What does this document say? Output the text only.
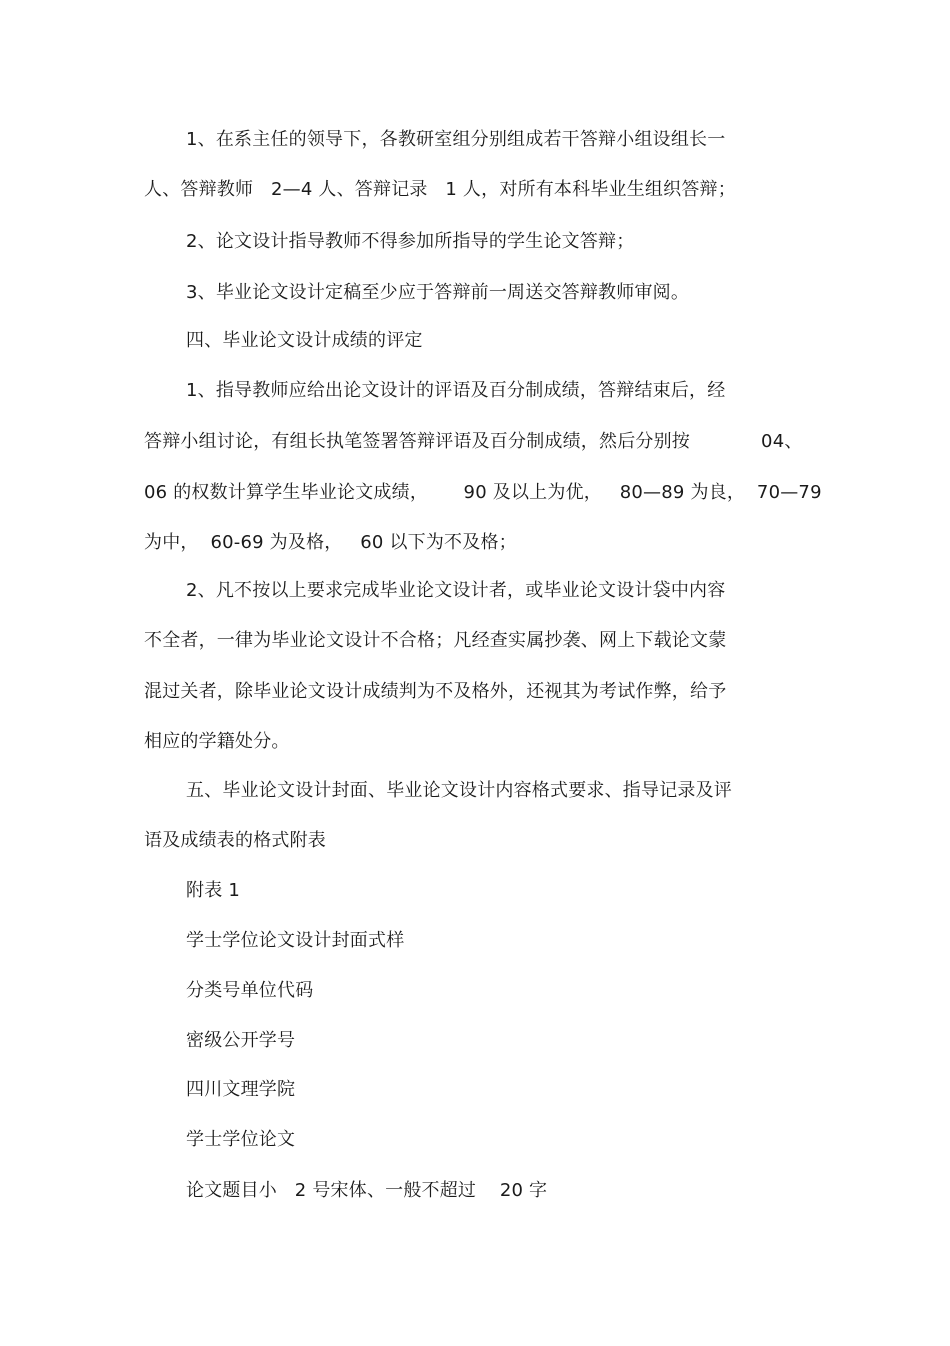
1、在系主任的领导下，各教研室组分别组成若干答辩小组设组长一
人、答辩教师   2—4 人、答辩记录   1 人，对所有本科毕业生组织答辩；
2、论文设计指导教师不得参加所指导的学生论文答辩；
3、毕业论文设计定稿至少应于答辩前一周送交答辩教师审阅。
四、毕业论文设计成绩的评定
1、指导教师应给出论文设计的评语及百分制成绩，答辩结束后，经
答辩小组讨论，有组长执笔签署答辩评语及百分制成绩，然后分别按            04、
06 的权数计算学生毕业论文成绩，      90 及以上为优，   80—89 为良，  70—79
为中，  60-69 为及格，   60 以下为不及格；
2、凡不按以上要求完成毕业论文设计者，或毕业论文设计袋中内容
不全者，一律为毕业论文设计不合格；凡经查实属抄袭、网上下载论文蒙
混过关者，除毕业论文设计成绩判为不及格外，还视其为考试作弊，给予
相应的学籍处分。
五、毕业论文设计封面、毕业论文设计内容格式要求、指导记录及评
语及成绩表的格式附表
附表 1
学士学位论文设计封面式样
分类号单位代码
密级公开学号
四川文理学院
学士学位论文
论文题目小   2 号宋体、一般不超过    20 字
